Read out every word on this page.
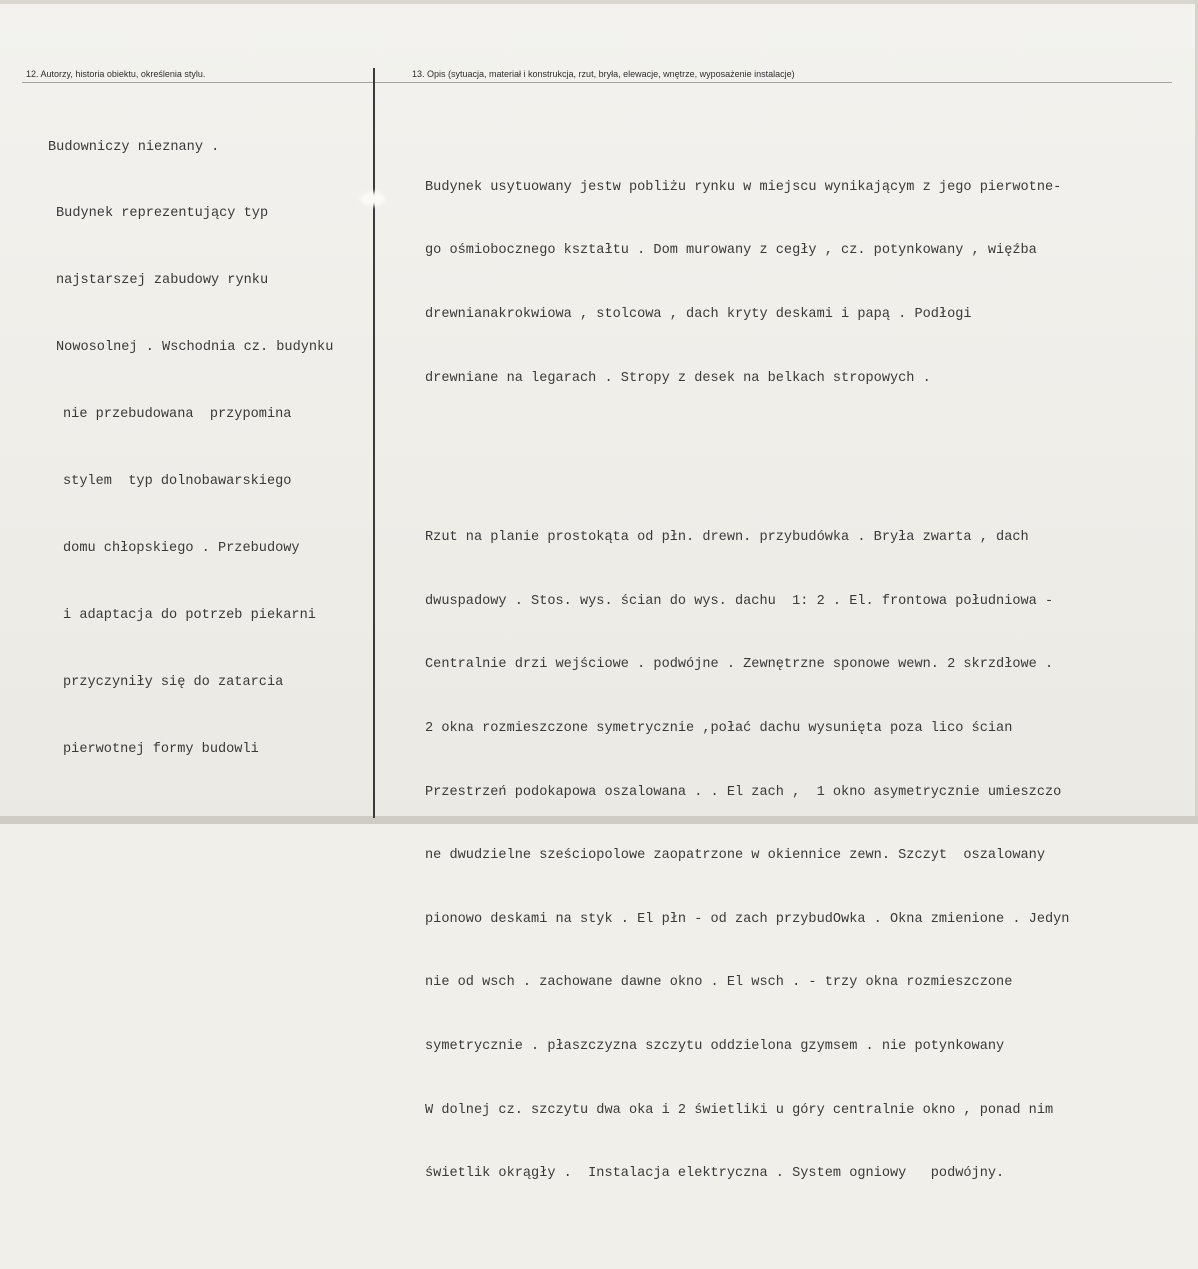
12. Autorzy, historia obiektu, określenia stylu.	13. Opis (sytuacja, materiał i konstrukcja, rzut, bryła, elewacje, wnętrze, wyposażenie instalacje)

Budowniczy nieznany .

Budynek reprezentujący typ

najstarszej zabudowy rynku

Nowosolnej . Wschodnia cz. budynku

nie przebudowana  przypomina

stylem  typ dolnobawarskiego

domu chłopskiego . Przebudowy

i adaptacja do potrzeb piekarni

przyczyniły się do zatarcia

pierwotnej formy budowli

Budynek usytuowany jestw pobliżu rynku w miejscu wynikającym z jego pierwotne-

go ośmiobocznego kształtu . Dom murowany z cegły , cz. potynkowany , więźba

drewnianakrokwiowa , stolcowa , dach kryty deskami i papą . Podłogi

drewniane na legarach . Stropy z desek na belkach stropowych .

Rzut na planie prostokąta od płn. drewn. przybudówka . Bryła zwarta , dach

dwuspadowy . Stos. wys. ścian do wys. dachu  1: 2 . El. frontowa południowa -

Centralnie drzi wejściowe . podwójne . Zewnętrzne sponowe wewn. 2 skrzdłowe .

2 okna rozmieszczone symetrycznie ,połać dachu wysunięta poza lico ścian

Przestrzeń podokapowa oszalowana . . El zach ,  1 okno asymetrycznie umieszczo

ne dwudzielne sześciopolowe zaopatrzone w okiennice zewn. Szczyt  oszalowany

pionowo deskami na styk . El płn - od zach przybudOwka . Okna zmienione . Jedyn

nie od wsch . zachowane dawne okno . El wsch . - trzy okna rozmieszczone

symetrycznie . płaszczyzna szczytu oddzielona gzymsem . nie potynkowany

W dolnej cz. szczytu dwa oka i 2 świetliki u góry centralnie okno , ponad nim

świetlik okrągły .  Instalacja elektryczna . System ogniowy   podwójny.
